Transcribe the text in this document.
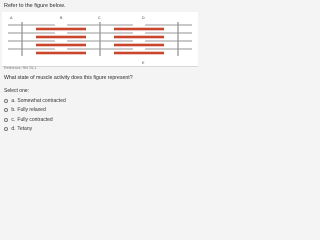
Refer to the figure below.
A	B	C	D
E
Reference: Ref 25-1
What state of muscle activity does this figure represent?
Select one:
a. Somewhat contracted
b. Fully relaxed
c. Fully contracted
d. Tetany
